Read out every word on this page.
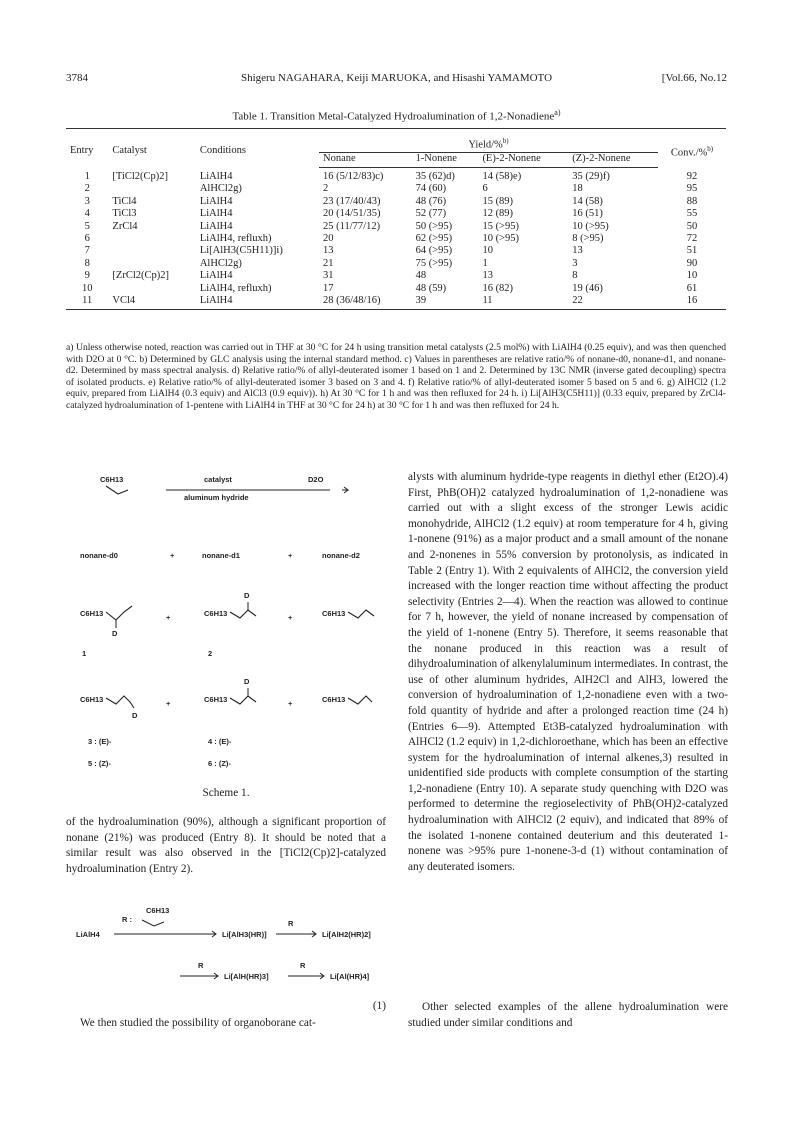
3784	Shigeru NAGAHARA, Keiji MARUOKA, and Hisashi YAMAMOTO	[Vol.66, No.12
Table 1. Transition Metal-Catalyzed Hydroalumination of 1,2-Nonadiene$^{a)}$
Entry	Catalyst	Conditions	Yield/%$^{b)}$				Conv./%$^{b)}$
			Nonane	1-Nonene	(E)-2-Nonene	(Z)-2-Nonene	
1	[TiCl2(Cp)2]	LiAlH4	16 (5/12/83)c)	35 (62)d)	14 (58)e)	35 (29)f)	92
2		AlHCl2g)	2	74 (60)	6	18	95
3	TiCl4	LiAlH4	23 (17/40/43)	48 (76)	15 (89)	14 (58)	88
4	TiCl3	LiAlH4	20 (14/51/35)	52 (77)	12 (89)	16 (51)	55
5	ZrCl4	LiAlH4	25 (11/77/12)	50 (>95)	15 (>95)	10 (>95)	50
6		LiAlH4, refluxh)	20	62 (>95)	10 (>95)	8 (>95)	72
7		Li[AlH3(C5H11)]i)	13	64 (>95)	10	13	51
8		AlHCl2g)	21	75 (>95)	1	3	90
9	[ZrCl2(Cp)2]	LiAlH4	31	48	13	8	10
10		LiAlH4, refluxh)	17	48 (59)	16 (82)	19 (46)	61
11	VCl4	LiAlH4	28 (36/48/16)	39	11	22	16
a) Unless otherwise noted, reaction was carried out in THF at 30 °C for 24 h using transition metal catalysts (2.5 mol%) with LiAlH4 (0.25 equiv), and was then quenched with D2O at 0 °C. b) Determined by GLC analysis using the internal standard method. c) Values in parentheses are relative ratio/% of nonane-d0, nonane-d1, and nonane-d2. Determined by mass spectral analysis. d) Relative ratio/% of allyl-deuterated isomer 1 based on 1 and 2. Determined by 13C NMR (inverse gated decoupling) spectra of isolated products. e) Relative ratio/% of allyl-deuterated isomer 3 based on 3 and 4. f) Relative ratio/% of allyl-deuterated isomer 5 based on 5 and 6. g) AlHCl2 (1.2 equiv, prepared from LiAlH4 (0.3 equiv) and AlCl3 (0.9 equiv)). h) At 30 °C for 1 h and was then refluxed for 24 h. i) Li[AlH3(C5H11)] (0.33 equiv, prepared by ZrCl4-catalyzed hydroalumination of 1-pentene with LiAlH4 in THF at 30 °C for 24 h) at 30 °C for 1 h and was then refluxed for 24 h.
C6H13	catalyst
aluminum hydride
D2O
nonane-d0	+	nonane-d1	+	nonane-d2
C6H13
D
+	C6H13
D
+	C6H13
1	2
C6H13
D
+	C6H13
D
+	C6H13
3 : (E)-	4 : (E)-
5 : (Z)-	6 : (Z)-
Scheme 1.
of the hydroalumination (90%), although a significant proportion of nonane (21%) was produced (Entry 8). It should be noted that a similar result was also observed in the [TiCl2(Cp)2]-catalyzed hydroalumination (Entry 2).
LiAlH4
R :
C6H13
Li[AlH3(HR)]
R
Li[AlH2(HR)2]
R
Li[AlH(HR)3]
R
Li[Al(HR)4]
(1)
We then studied the possibility of organoborane cat-
alysts with aluminum hydride-type reagents in diethyl ether (Et2O).4) First, PhB(OH)2 catalyzed hydroalumination of 1,2-nonadiene was carried out with a slight excess of the stronger Lewis acidic monohydride, AlHCl2 (1.2 equiv) at room temperature for 4 h, giving 1-nonene (91%) as a major product and a small amount of the nonane and 2-nonenes in 55% conversion by protonolysis, as indicated in Table 2 (Entry 1). With 2 equivalents of AlHCl2, the conversion yield increased with the longer reaction time without affecting the product selectivity (Entries 2—4). When the reaction was allowed to continue for 7 h, however, the yield of nonane increased by compensation of the yield of 1-nonene (Entry 5). Therefore, it seems reasonable that the nonane produced in this reaction was a result of dihydroalumination of alkenylaluminum intermediates. In contrast, the use of other aluminum hydrides, AlH2Cl and AlH3, lowered the conversion of hydroalumination of 1,2-nonadiene even with a two-fold quantity of hydride and after a prolonged reaction time (24 h) (Entries 6—9). Attempted Et3B-catalyzed hydroalumination with AlHCl2 (1.2 equiv) in 1,2-dichloroethane, which has been an effective system for the hydroalumination of internal alkenes,3) resulted in unidentified side products with complete consumption of the starting 1,2-nonadiene (Entry 10). A separate study quenching with D2O was performed to determine the regioselectivity of PhB(OH)2-catalyzed hydroalumination with AlHCl2 (2 equiv), and indicated that 89% of the isolated 1-nonene contained deuterium and this deuterated 1-nonene was >95% pure 1-nonene-3-d (1) without contamination of any deuterated isomers.
Other selected examples of the allene hydroalumination were studied under similar conditions and
